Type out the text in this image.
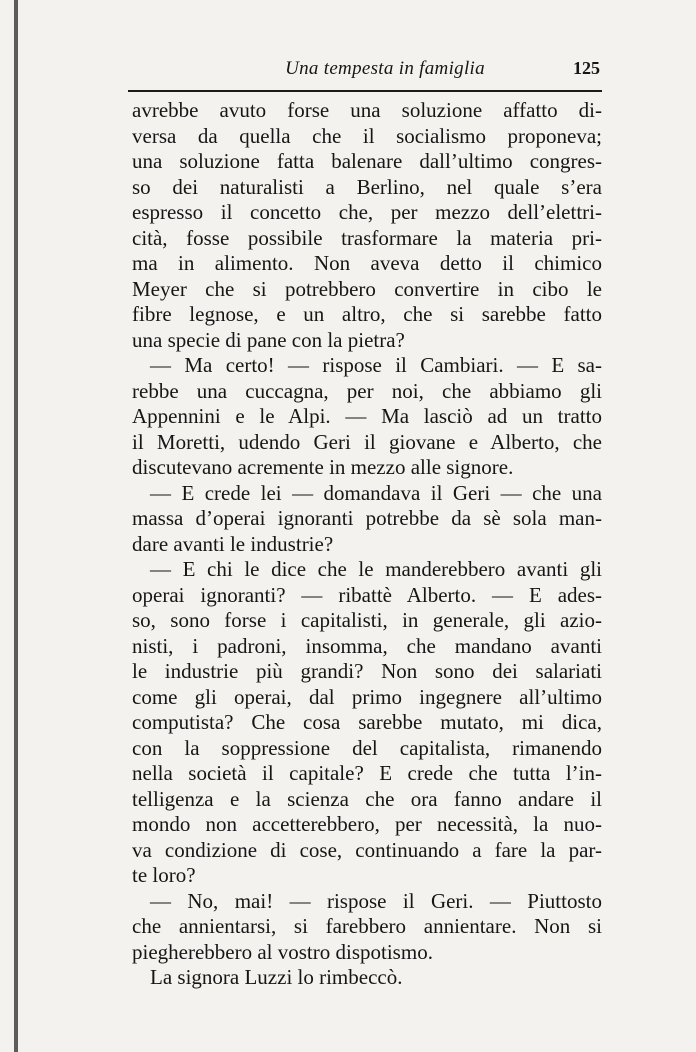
Una tempesta in famiglia	125
avrebbe avuto forse una soluzione affatto di-
versa da quella che il socialismo proponeva;
una soluzione fatta balenare dall’ultimo congres-
so dei naturalisti a Berlino, nel quale s’era
espresso il concetto che, per mezzo dell’elettri-
cità, fosse possibile trasformare la materia pri-
ma in alimento. Non aveva detto il chimico
Meyer che si potrebbero convertire in cibo le
fibre legnose, e un altro, che si sarebbe fatto
una specie di pane con la pietra?
— Ma certo! — rispose il Cambiari. — E sa-
rebbe una cuccagna, per noi, che abbiamo gli
Appennini e le Alpi. — Ma lasciò ad un tratto
il Moretti, udendo Geri il giovane e Alberto, che
discutevano acremente in mezzo alle signore.
— E crede lei — domandava il Geri — che una
massa d’operai ignoranti potrebbe da sè sola man-
dare avanti le industrie?
— E chi le dice che le manderebbero avanti gli
operai ignoranti? — ribattè Alberto. — E ades-
so, sono forse i capitalisti, in generale, gli azio-
nisti, i padroni, insomma, che mandano avanti
le industrie più grandi? Non sono dei salariati
come gli operai, dal primo ingegnere all’ultimo
computista? Che cosa sarebbe mutato, mi dica,
con la soppressione del capitalista, rimanendo
nella società il capitale? E crede che tutta l’in-
telligenza e la scienza che ora fanno andare il
mondo non accetterebbero, per necessità, la nuo-
va condizione di cose, continuando a fare la par-
te loro?
— No, mai! — rispose il Geri. — Piuttosto
che annientarsi, si farebbero annientare. Non si
piegherebbero al vostro dispotismo.
La signora Luzzi lo rimbeccò.
